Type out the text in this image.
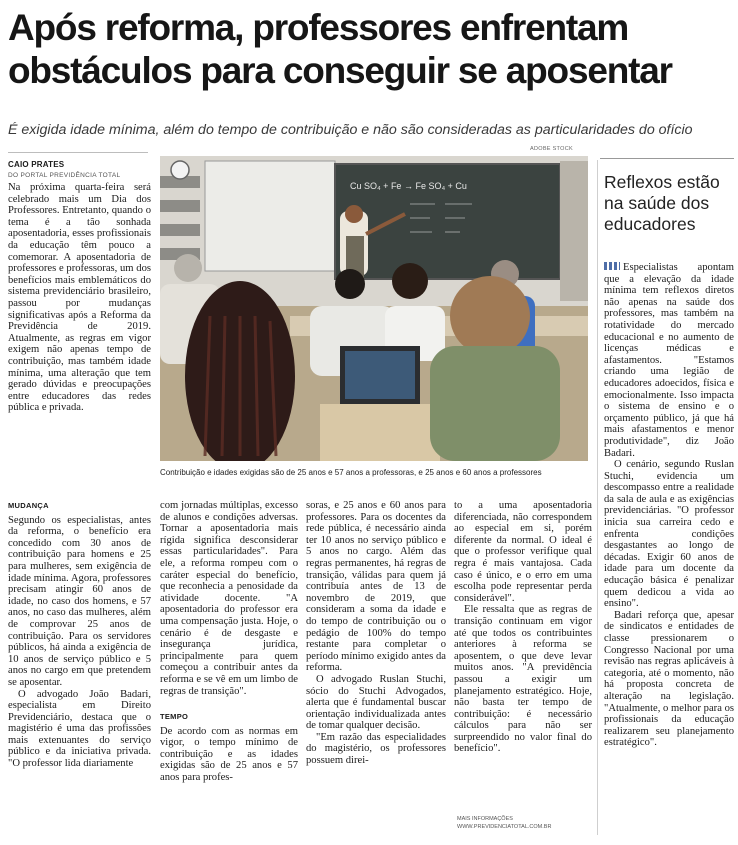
Após reforma, professores enfrentam
obstáculos para conseguir se aposentar
É exigida idade mínima, além do tempo de contribuição e não são consideradas as particularidades do ofício
CAIO PRATES
DO PORTAL PREVIDÊNCIA TOTAL

Na próxima quarta-feira será celebrado mais um Dia dos Professores. Entretanto, quando o tema é a tão sonhada aposentadoria, esses profissionais da educação têm pouco a comemorar. A aposentadoria de professores e professoras, um dos benefícios mais emblemáticos do sistema previdenciário brasileiro, passou por mudanças significativas após a Reforma da Previdência de 2019. Atualmente, as regras em vigor exigem não apenas tempo de contribuição, mas também idade mínima, uma alteração que tem gerado dúvidas e preocupações entre educadores das redes pública e privada.

MUDANÇA

Segundo os especialistas, antes da reforma, o benefício era concedido com 30 anos de contribuição para homens e 25 para mulheres, sem exigência de idade mínima. Agora, professores precisam atingir 60 anos de idade, no caso dos homens, e 57 anos, no caso das mulheres, além de comprovar 25 anos de contribuição. Para os servidores públicos, há ainda a exigência de 10 anos de serviço público e 5 anos no cargo em que pretendem se aposentar.

O advogado João Badari, especialista em Direito Previdenciário, destaca que o magistério é uma das profissões mais extenuantes do serviço público e da iniciativa privada. "O professor lida diariamente

ADOBE STOCK
Cu SO₄ + Fe → Fe SO₄ + Cu
Contribuição e idades exigidas são de 25 anos e 57 anos a professoras, e 25 anos e 60 anos a professores

com jornadas múltiplas, excesso de alunos e condições adversas. Tornar a aposentadoria mais rígida significa desconsiderar essas particularidades". Para ele, a reforma rompeu com o caráter especial do benefício, que reconhecia a penosidade da atividade docente. "A aposentadoria do professor era uma compensação justa. Hoje, o cenário é de desgaste e insegurança jurídica, principalmente para quem começou a contribuir antes da reforma e se vê em um limbo de regras de transição".

TEMPO

De acordo com as normas em vigor, o tempo mínimo de contribuição e as idades exigidas são de 25 anos e 57 anos para profes-

soras, e 25 anos e 60 anos para professores. Para os docentes da rede pública, é necessário ainda ter 10 anos no serviço público e 5 anos no cargo. Além das regras permanentes, há regras de transição, válidas para quem já contribuía antes de 13 de novembro de 2019, que consideram a soma da idade e do tempo de contribuição ou o pedágio de 100% do tempo restante para completar o período mínimo exigido antes da reforma.

O advogado Ruslan Stuchi, sócio do Stuchi Advogados, alerta que é fundamental buscar orientação individualizada antes de tomar qualquer decisão.

"Em razão das especialidades do magistério, os professores possuem direi-

to a uma aposentadoria diferenciada, não correspondem ao especial em si, porém diferente da normal. O ideal é que o professor verifique qual regra é mais vantajosa. Cada caso é único, e o erro em uma escolha pode representar perda considerável".

Ele ressalta que as regras de transição continuam em vigor até que todos os contribuintes anteriores à reforma se aposentem, o que deve levar muitos anos. "A previdência passou a exigir um planejamento estratégico. Hoje, não basta ter tempo de contribuição: é necessário cálculos para não ser surpreendido no valor final do benefício".

MAIS INFORMAÇÕES
WWW.PREVIDENCIATOTAL.COM.BR
Reflexos estão na saúde dos educadores

Especialistas apontam que a elevação da idade mínima tem reflexos diretos não apenas na saúde dos professores, mas também na rotatividade do mercado educacional e no aumento de licenças médicas e afastamentos. "Estamos criando uma legião de educadores adoecidos, física e emocionalmente. Isso impacta o sistema de ensino e o orçamento público, já que há mais afastamentos e menor produtividade", diz João Badari.

O cenário, segundo Ruslan Stuchi, evidencia um descompasso entre a realidade da sala de aula e as exigências previdenciárias. "O professor inicia sua carreira cedo e enfrenta condições desgastantes ao longo de décadas. Exigir 60 anos de idade para um docente da educação básica é penalizar quem dedicou a vida ao ensino".

Badari reforça que, apesar de sindicatos e entidades de classe pressionarem o Congresso Nacional por uma revisão nas regras aplicáveis à categoria, até o momento, não há proposta concreta de alteração na legislação. "Atualmente, o melhor para os profissionais da educação realizarem seu planejamento estratégico".
